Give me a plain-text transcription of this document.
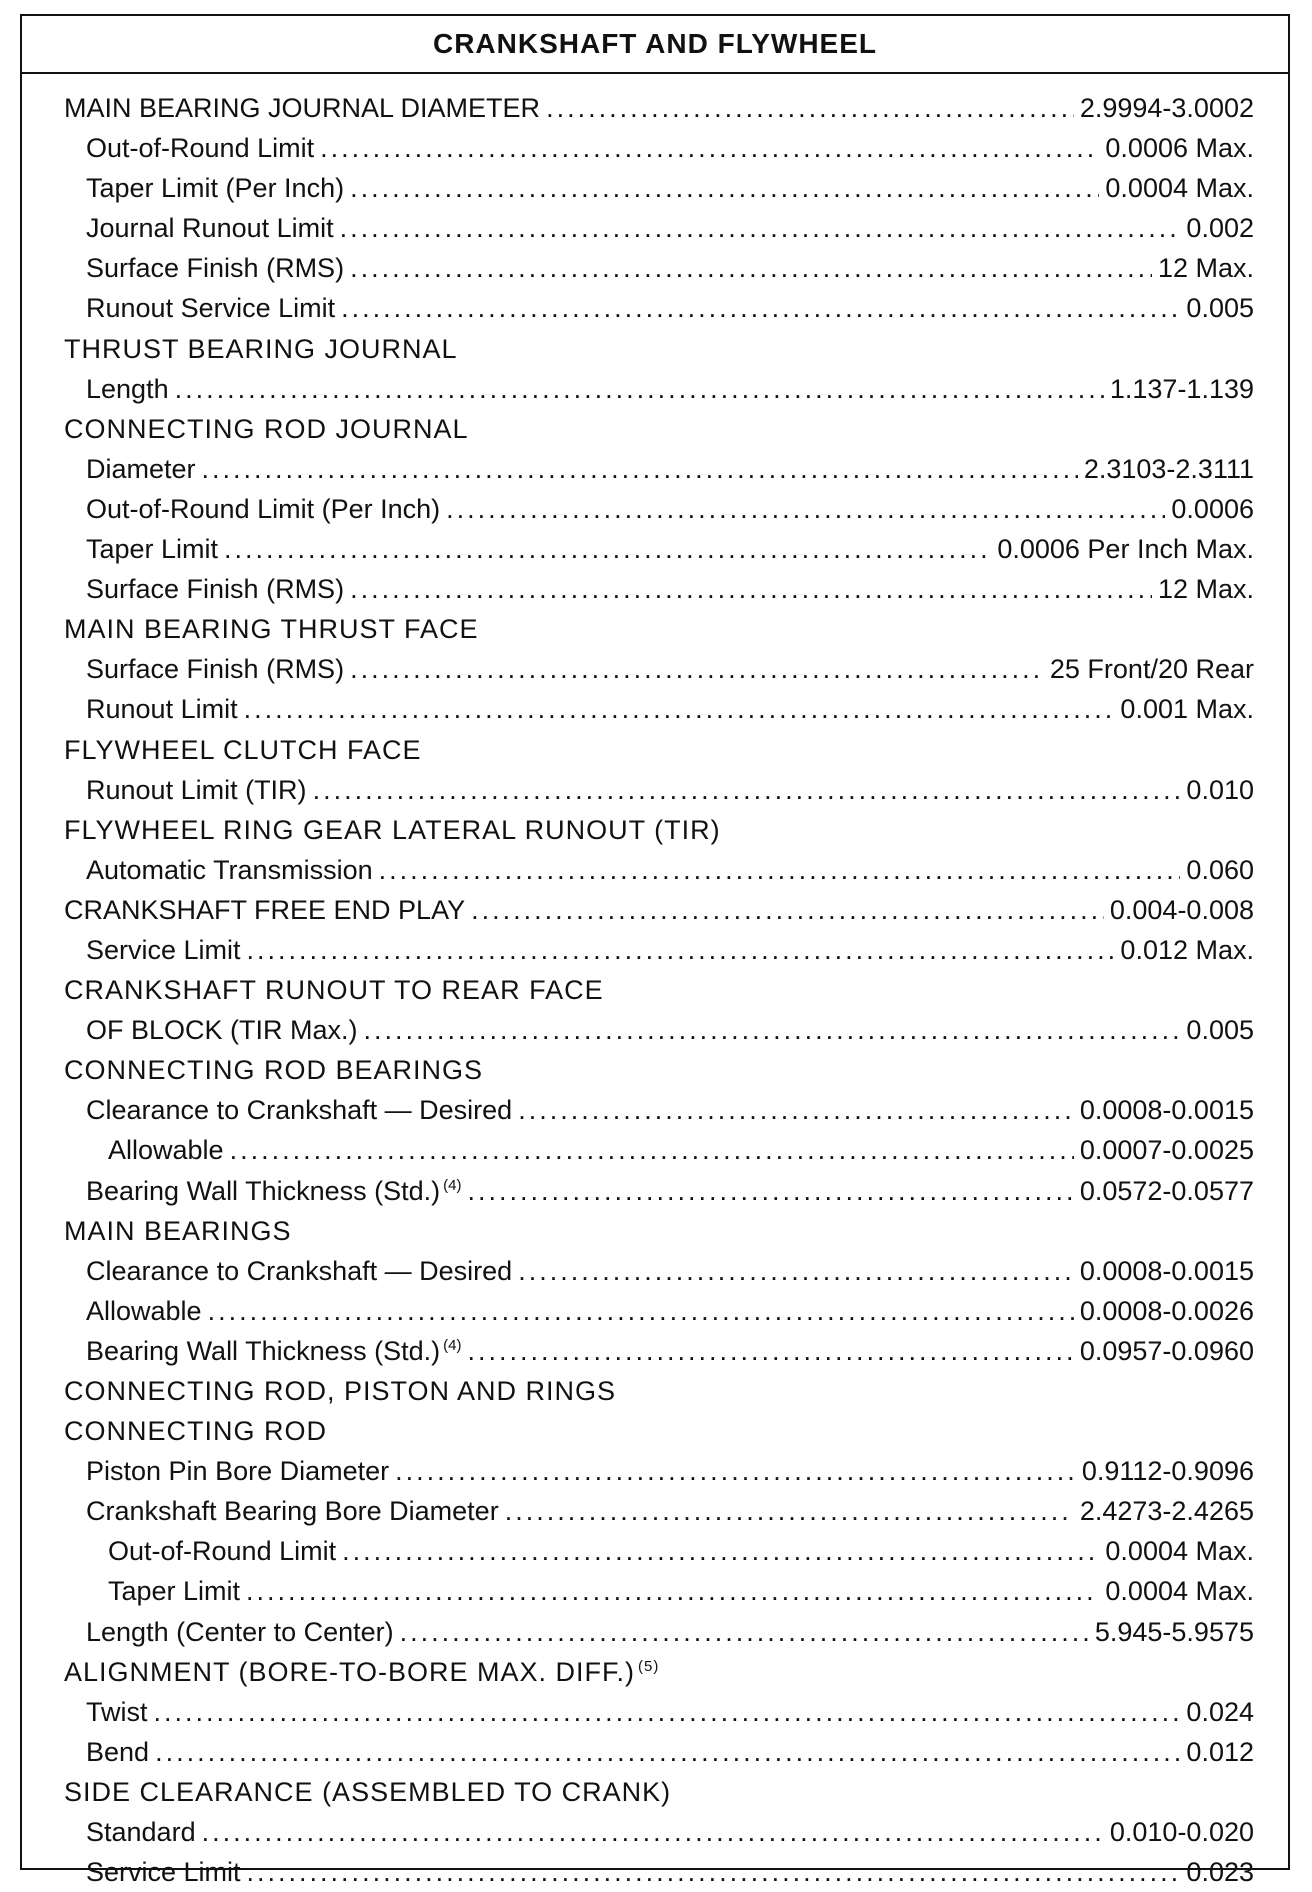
CRANKSHAFT AND FLYWHEEL
MAIN BEARING JOURNAL DIAMETER .....	2.9994-3.0002
Out-of-Round Limit .....	0.0006 Max.
Taper Limit (Per Inch) .....	0.0004 Max.
Journal Runout Limit .....	0.002
Surface Finish (RMS) .....	12 Max.
Runout Service Limit .....	0.005
THRUST BEARING JOURNAL
Length .....	1.137-1.139
CONNECTING ROD JOURNAL
Diameter .....	2.3103-2.3111
Out-of-Round Limit (Per Inch) .....	0.0006
Taper Limit .....	0.0006 Per Inch Max.
Surface Finish (RMS) .....	12 Max.
MAIN BEARING THRUST FACE
Surface Finish (RMS) .....	25 Front/20 Rear
Runout Limit .....	0.001 Max.
FLYWHEEL CLUTCH FACE
Runout Limit (TIR) .....	0.010
FLYWHEEL RING GEAR LATERAL RUNOUT (TIR)
Automatic Transmission .....	0.060
CRANKSHAFT FREE END PLAY .....	0.004-0.008
Service Limit .....	0.012 Max.
CRANKSHAFT RUNOUT TO REAR FACE
OF BLOCK (TIR Max.) .....	0.005
CONNECTING ROD BEARINGS
Clearance to Crankshaft — Desired .....	0.0008-0.0015
Allowable .....	0.0007-0.0025
Bearing Wall Thickness (Std.) $^{(4)}$ .....	0.0572-0.0577
MAIN BEARINGS
Clearance to Crankshaft — Desired .....	0.0008-0.0015
Allowable .....	0.0008-0.0026
Bearing Wall Thickness (Std.) $^{(4)}$ .....	0.0957-0.0960
CONNECTING ROD, PISTON AND RINGS
CONNECTING ROD
Piston Pin Bore Diameter .....	0.9112-0.9096
Crankshaft Bearing Bore Diameter .....	2.4273-2.4265
Out-of-Round Limit .....	0.0004 Max.
Taper Limit .....	0.0004 Max.
Length (Center to Center) .....	5.945-5.9575
ALIGNMENT (BORE-TO-BORE MAX. DIFF.) $^{(5)}$
Twist .....	0.024
Bend .....	0.012
SIDE CLEARANCE (ASSEMBLED TO CRANK)
Standard .....	0.010-0.020
Service Limit .....	0.023
